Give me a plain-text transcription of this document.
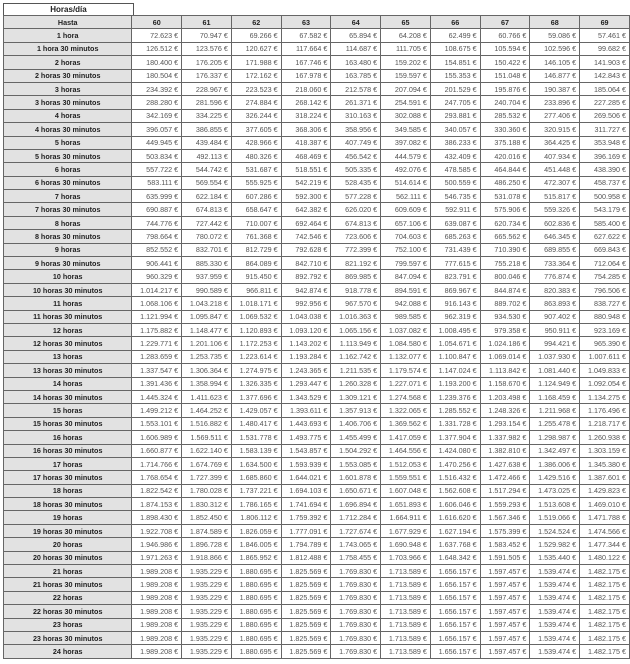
Horas/día
Hasta	60	61	62	63	64	65	66	67	68	69
1 hora	72.623 €	70.947 €	69.266 €	67.582 €	65.894 €	64.208 €	62.499 €	60.766 €	59.086 €	57.461 €
1 hora 30 minutos	126.512 €	123.576 €	120.627 €	117.664 €	114.687 €	111.705 €	108.675 €	105.594 €	102.596 €	99.682 €
2 horas	180.400 €	176.205 €	171.988 €	167.746 €	163.480 €	159.202 €	154.851 €	150.422 €	146.105 €	141.903 €
2 horas 30 minutos	180.504 €	176.337 €	172.162 €	167.978 €	163.785 €	159.597 €	155.353 €	151.048 €	146.877 €	142.843 €
3 horas	234.392 €	228.967 €	223.523 €	218.060 €	212.578 €	207.094 €	201.529 €	195.876 €	190.387 €	185.064 €
3 horas 30 minutos	288.280 €	281.596 €	274.884 €	268.142 €	261.371 €	254.591 €	247.705 €	240.704 €	233.896 €	227.285 €
4 horas	342.169 €	334.225 €	326.244 €	318.224 €	310.163 €	302.088 €	293.881 €	285.532 €	277.406 €	269.506 €
4 horas 30 minutos	396.057 €	386.855 €	377.605 €	368.306 €	358.956 €	349.585 €	340.057 €	330.360 €	320.915 €	311.727 €
5 horas	449.945 €	439.484 €	428.966 €	418.387 €	407.749 €	397.082 €	386.233 €	375.188 €	364.425 €	353.948 €
5 horas 30 minutos	503.834 €	492.113 €	480.326 €	468.469 €	456.542 €	444.579 €	432.409 €	420.016 €	407.934 €	396.169 €
6 horas	557.722 €	544.742 €	531.687 €	518.551 €	505.335 €	492.076 €	478.585 €	464.844 €	451.448 €	438.390 €
6 horas 30 minutos	583.111 €	569.554 €	555.925 €	542.219 €	528.435 €	514.614 €	500.559 €	486.250 €	472.307 €	458.737 €
7 horas	635.999 €	622.184 €	607.286 €	592.300 €	577.228 €	562.111 €	546.735 €	531.078 €	515.817 €	500.958 €
7 horas 30 minutos	690.887 €	674.813 €	658.647 €	642.382 €	626.020 €	609.609 €	592.911 €	575.906 €	559.326 €	543.179 €
8 horas	744.776 €	727.442 €	710.007 €	692.464 €	674.813 €	657.106 €	639.087 €	620.734 €	602.836 €	585.400 €
8 horas 30 minutos	798.664 €	780.072 €	761.368 €	742.546 €	723.606 €	704.603 €	685.263 €	665.562 €	646.345 €	627.622 €
9 horas	852.552 €	832.701 €	812.729 €	792.628 €	772.399 €	752.100 €	731.439 €	710.390 €	689.855 €	669.843 €
9 horas 30 minutos	906.441 €	885.330 €	864.089 €	842.710 €	821.192 €	799.597 €	777.615 €	755.218 €	733.364 €	712.064 €
10 horas	960.329 €	937.959 €	915.450 €	892.792 €	869.985 €	847.094 €	823.791 €	800.046 €	776.874 €	754.285 €
10 horas 30 minutos	1.014.217 €	990.589 €	966.811 €	942.874 €	918.778 €	894.591 €	869.967 €	844.874 €	820.383 €	796.506 €
11 horas	1.068.106 €	1.043.218 €	1.018.171 €	992.956 €	967.570 €	942.088 €	916.143 €	889.702 €	863.893 €	838.727 €
11 horas 30 minutos	1.121.994 €	1.095.847 €	1.069.532 €	1.043.038 €	1.016.363 €	989.585 €	962.319 €	934.530 €	907.402 €	880.948 €
12 horas	1.175.882 €	1.148.477 €	1.120.893 €	1.093.120 €	1.065.156 €	1.037.082 €	1.008.495 €	979.358 €	950.911 €	923.169 €
12 horas 30 minutos	1.229.771 €	1.201.106 €	1.172.253 €	1.143.202 €	1.113.949 €	1.084.580 €	1.054.671 €	1.024.186 €	994.421 €	965.390 €
13 horas	1.283.659 €	1.253.735 €	1.223.614 €	1.193.284 €	1.162.742 €	1.132.077 €	1.100.847 €	1.069.014 €	1.037.930 €	1.007.611 €
13 horas 30 minutos	1.337.547 €	1.306.364 €	1.274.975 €	1.243.365 €	1.211.535 €	1.179.574 €	1.147.024 €	1.113.842 €	1.081.440 €	1.049.833 €
14 horas	1.391.436 €	1.358.994 €	1.326.335 €	1.293.447 €	1.260.328 €	1.227.071 €	1.193.200 €	1.158.670 €	1.124.949 €	1.092.054 €
14 horas 30 minutos	1.445.324 €	1.411.623 €	1.377.696 €	1.343.529 €	1.309.121 €	1.274.568 €	1.239.376 €	1.203.498 €	1.168.459 €	1.134.275 €
15 horas	1.499.212 €	1.464.252 €	1.429.057 €	1.393.611 €	1.357.913 €	1.322.065 €	1.285.552 €	1.248.326 €	1.211.968 €	1.176.496 €
15 horas 30 minutos	1.553.101 €	1.516.882 €	1.480.417 €	1.443.693 €	1.406.706 €	1.369.562 €	1.331.728 €	1.293.154 €	1.255.478 €	1.218.717 €
16 horas	1.606.989 €	1.569.511 €	1.531.778 €	1.493.775 €	1.455.499 €	1.417.059 €	1.377.904 €	1.337.982 €	1.298.987 €	1.260.938 €
16 horas 30 minutos	1.660.877 €	1.622.140 €	1.583.139 €	1.543.857 €	1.504.292 €	1.464.556 €	1.424.080 €	1.382.810 €	1.342.497 €	1.303.159 €
17 horas	1.714.766 €	1.674.769 €	1.634.500 €	1.593.939 €	1.553.085 €	1.512.053 €	1.470.256 €	1.427.638 €	1.386.006 €	1.345.380 €
17 horas 30 minutos	1.768.654 €	1.727.399 €	1.685.860 €	1.644.021 €	1.601.878 €	1.559.551 €	1.516.432 €	1.472.466 €	1.429.516 €	1.387.601 €
18 horas	1.822.542 €	1.780.028 €	1.737.221 €	1.694.103 €	1.650.671 €	1.607.048 €	1.562.608 €	1.517.294 €	1.473.025 €	1.429.823 €
18 horas 30 minutos	1.874.153 €	1.830.312 €	1.786.165 €	1.741.694 €	1.696.894 €	1.651.893 €	1.606.046 €	1.559.293 €	1.513.608 €	1.469.010 €
19 horas	1.898.430 €	1.852.450 €	1.806.112 €	1.759.392 €	1.712.284 €	1.664.911 €	1.616.620 €	1.567.346 €	1.519.066 €	1.471.788 €
19 horas 30 minutos	1.922.708 €	1.874.589 €	1.826.059 €	1.777.091 €	1.727.674 €	1.677.929 €	1.627.194 €	1.575.399 €	1.524.524 €	1.474.566 €
20 horas	1.946.986 €	1.896.728 €	1.846.005 €	1.794.789 €	1.743.065 €	1.690.948 €	1.637.768 €	1.583.452 €	1.529.982 €	1.477.344 €
20 horas 30 minutos	1.971.263 €	1.918.866 €	1.865.952 €	1.812.488 €	1.758.455 €	1.703.966 €	1.648.342 €	1.591.505 €	1.535.440 €	1.480.122 €
21 horas	1.989.208 €	1.935.229 €	1.880.695 €	1.825.569 €	1.769.830 €	1.713.589 €	1.656.157 €	1.597.457 €	1.539.474 €	1.482.175 €
21 horas 30 minutos	1.989.208 €	1.935.229 €	1.880.695 €	1.825.569 €	1.769.830 €	1.713.589 €	1.656.157 €	1.597.457 €	1.539.474 €	1.482.175 €
22 horas	1.989.208 €	1.935.229 €	1.880.695 €	1.825.569 €	1.769.830 €	1.713.589 €	1.656.157 €	1.597.457 €	1.539.474 €	1.482.175 €
22 horas 30 minutos	1.989.208 €	1.935.229 €	1.880.695 €	1.825.569 €	1.769.830 €	1.713.589 €	1.656.157 €	1.597.457 €	1.539.474 €	1.482.175 €
23 horas	1.989.208 €	1.935.229 €	1.880.695 €	1.825.569 €	1.769.830 €	1.713.589 €	1.656.157 €	1.597.457 €	1.539.474 €	1.482.175 €
23 horas 30 minutos	1.989.208 €	1.935.229 €	1.880.695 €	1.825.569 €	1.769.830 €	1.713.589 €	1.656.157 €	1.597.457 €	1.539.474 €	1.482.175 €
24 horas	1.989.208 €	1.935.229 €	1.880.695 €	1.825.569 €	1.769.830 €	1.713.589 €	1.656.157 €	1.597.457 €	1.539.474 €	1.482.175 €
